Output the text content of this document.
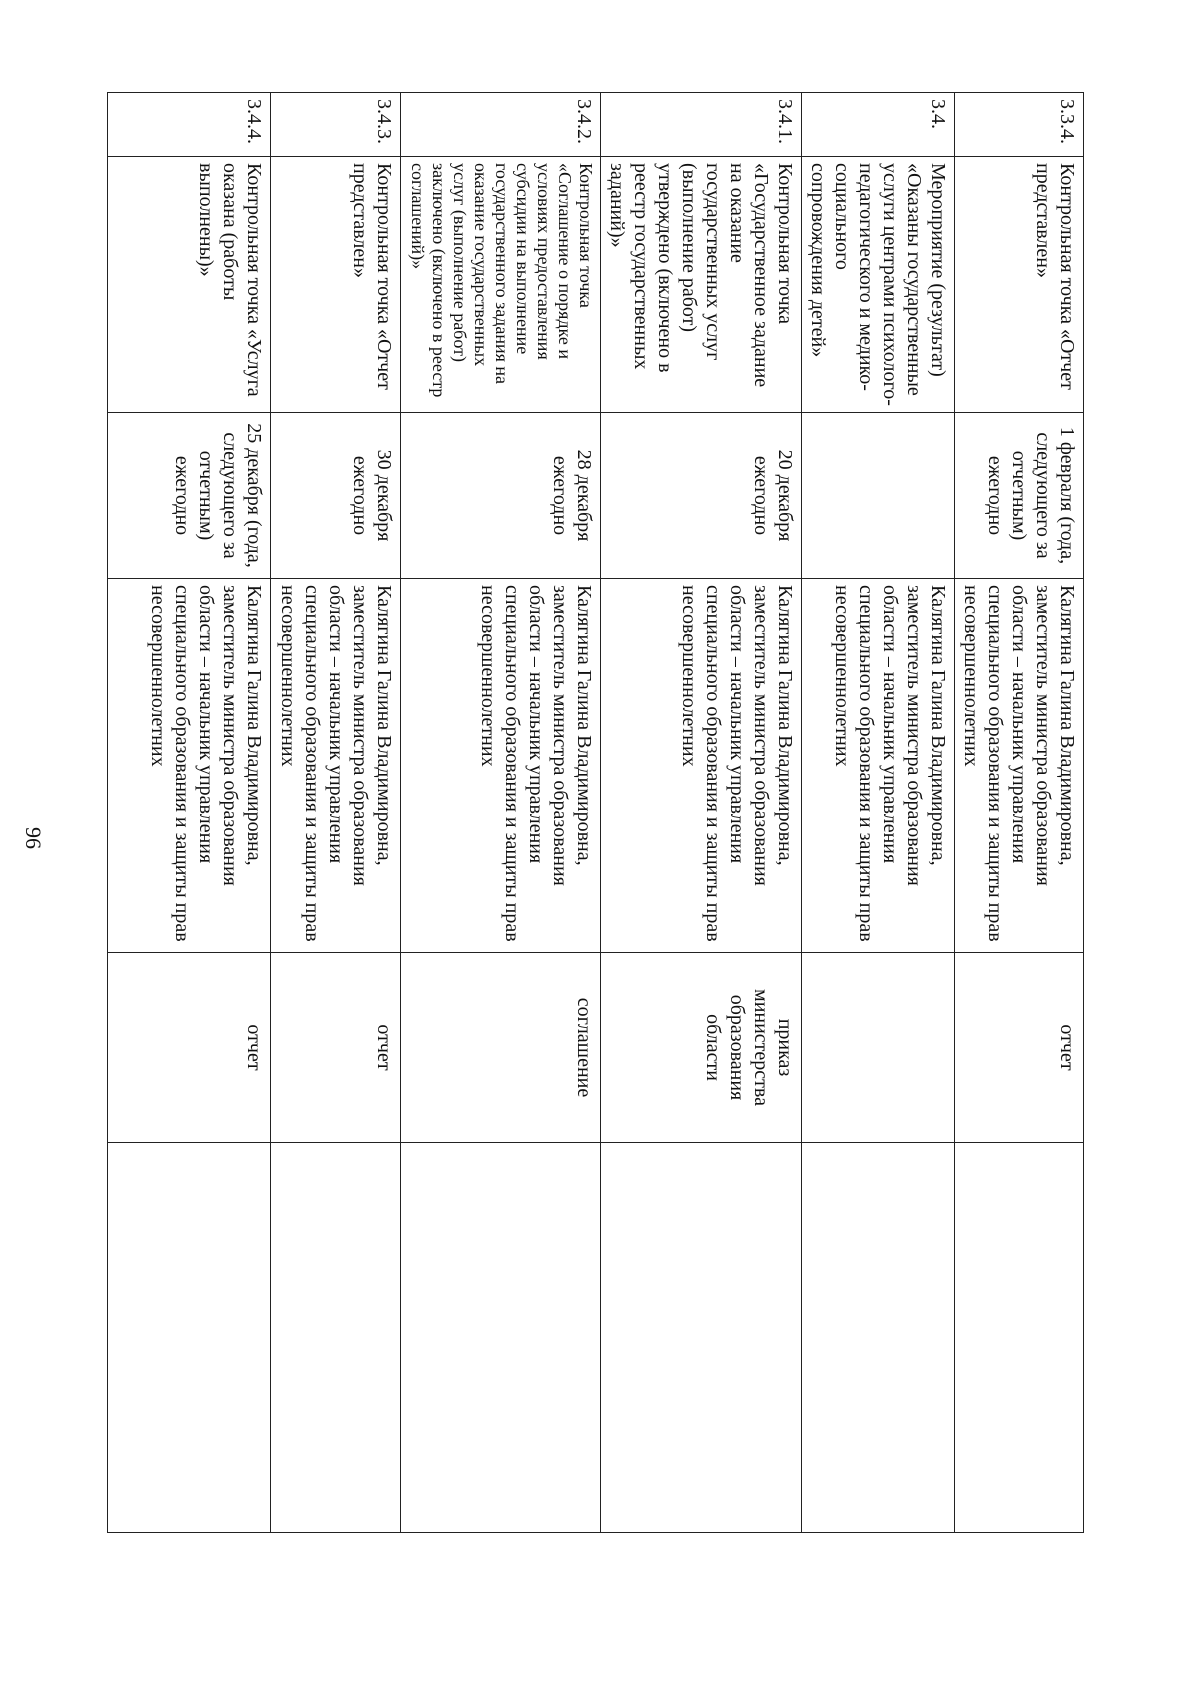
96
3.3.4.	Контрольная точка «Отчет представлен»	1 февраля (года, следующего за отчетным) ежегодно	Калягина Галина Владимировна, заместитель министра образования области – начальник управления специального образования и защиты прав несовершеннолетних	отчет	
3.4.	Мероприятие (результат) «Оказаны государственные услуги центрами психолого-педагогического и медико-социального сопровождения детей»		Калягина Галина Владимировна, заместитель министра образования области – начальник управления специального образования и защиты прав несовершеннолетних		
3.4.1.	Контрольная точка «Государственное задание на оказание государственных услуг (выполнение работ) утверждено (включено в реестр государственных заданий)»	20 декабря ежегодно	Калягина Галина Владимировна, заместитель министра образования области – начальник управления специального образования и защиты прав несовершеннолетних	приказ министерства образования области	
3.4.2.	Контрольная точка «Соглашение о порядке и условиях предоставления субсидии на выполнение государственного задания на оказание государственных услуг (выполнение работ) заключено (включено в реестр соглашений)»	28 декабря ежегодно	Калягина Галина Владимировна, заместитель министра образования области – начальник управления специального образования и защиты прав несовершеннолетних	соглашение	
3.4.3.	Контрольная точка «Отчет представлен»	30 декабря ежегодно	Калягина Галина Владимировна, заместитель министра образования области – начальник управления специального образования и защиты прав несовершеннолетних	отчет	
3.4.4.	Контрольная точка «Услуга оказана (работы выполнены)»	25 декабря (года, следующего за отчетным) ежегодно	Калягина Галина Владимировна, заместитель министра образования области – начальник управления специального образования и защиты прав несовершеннолетних	отчет	
